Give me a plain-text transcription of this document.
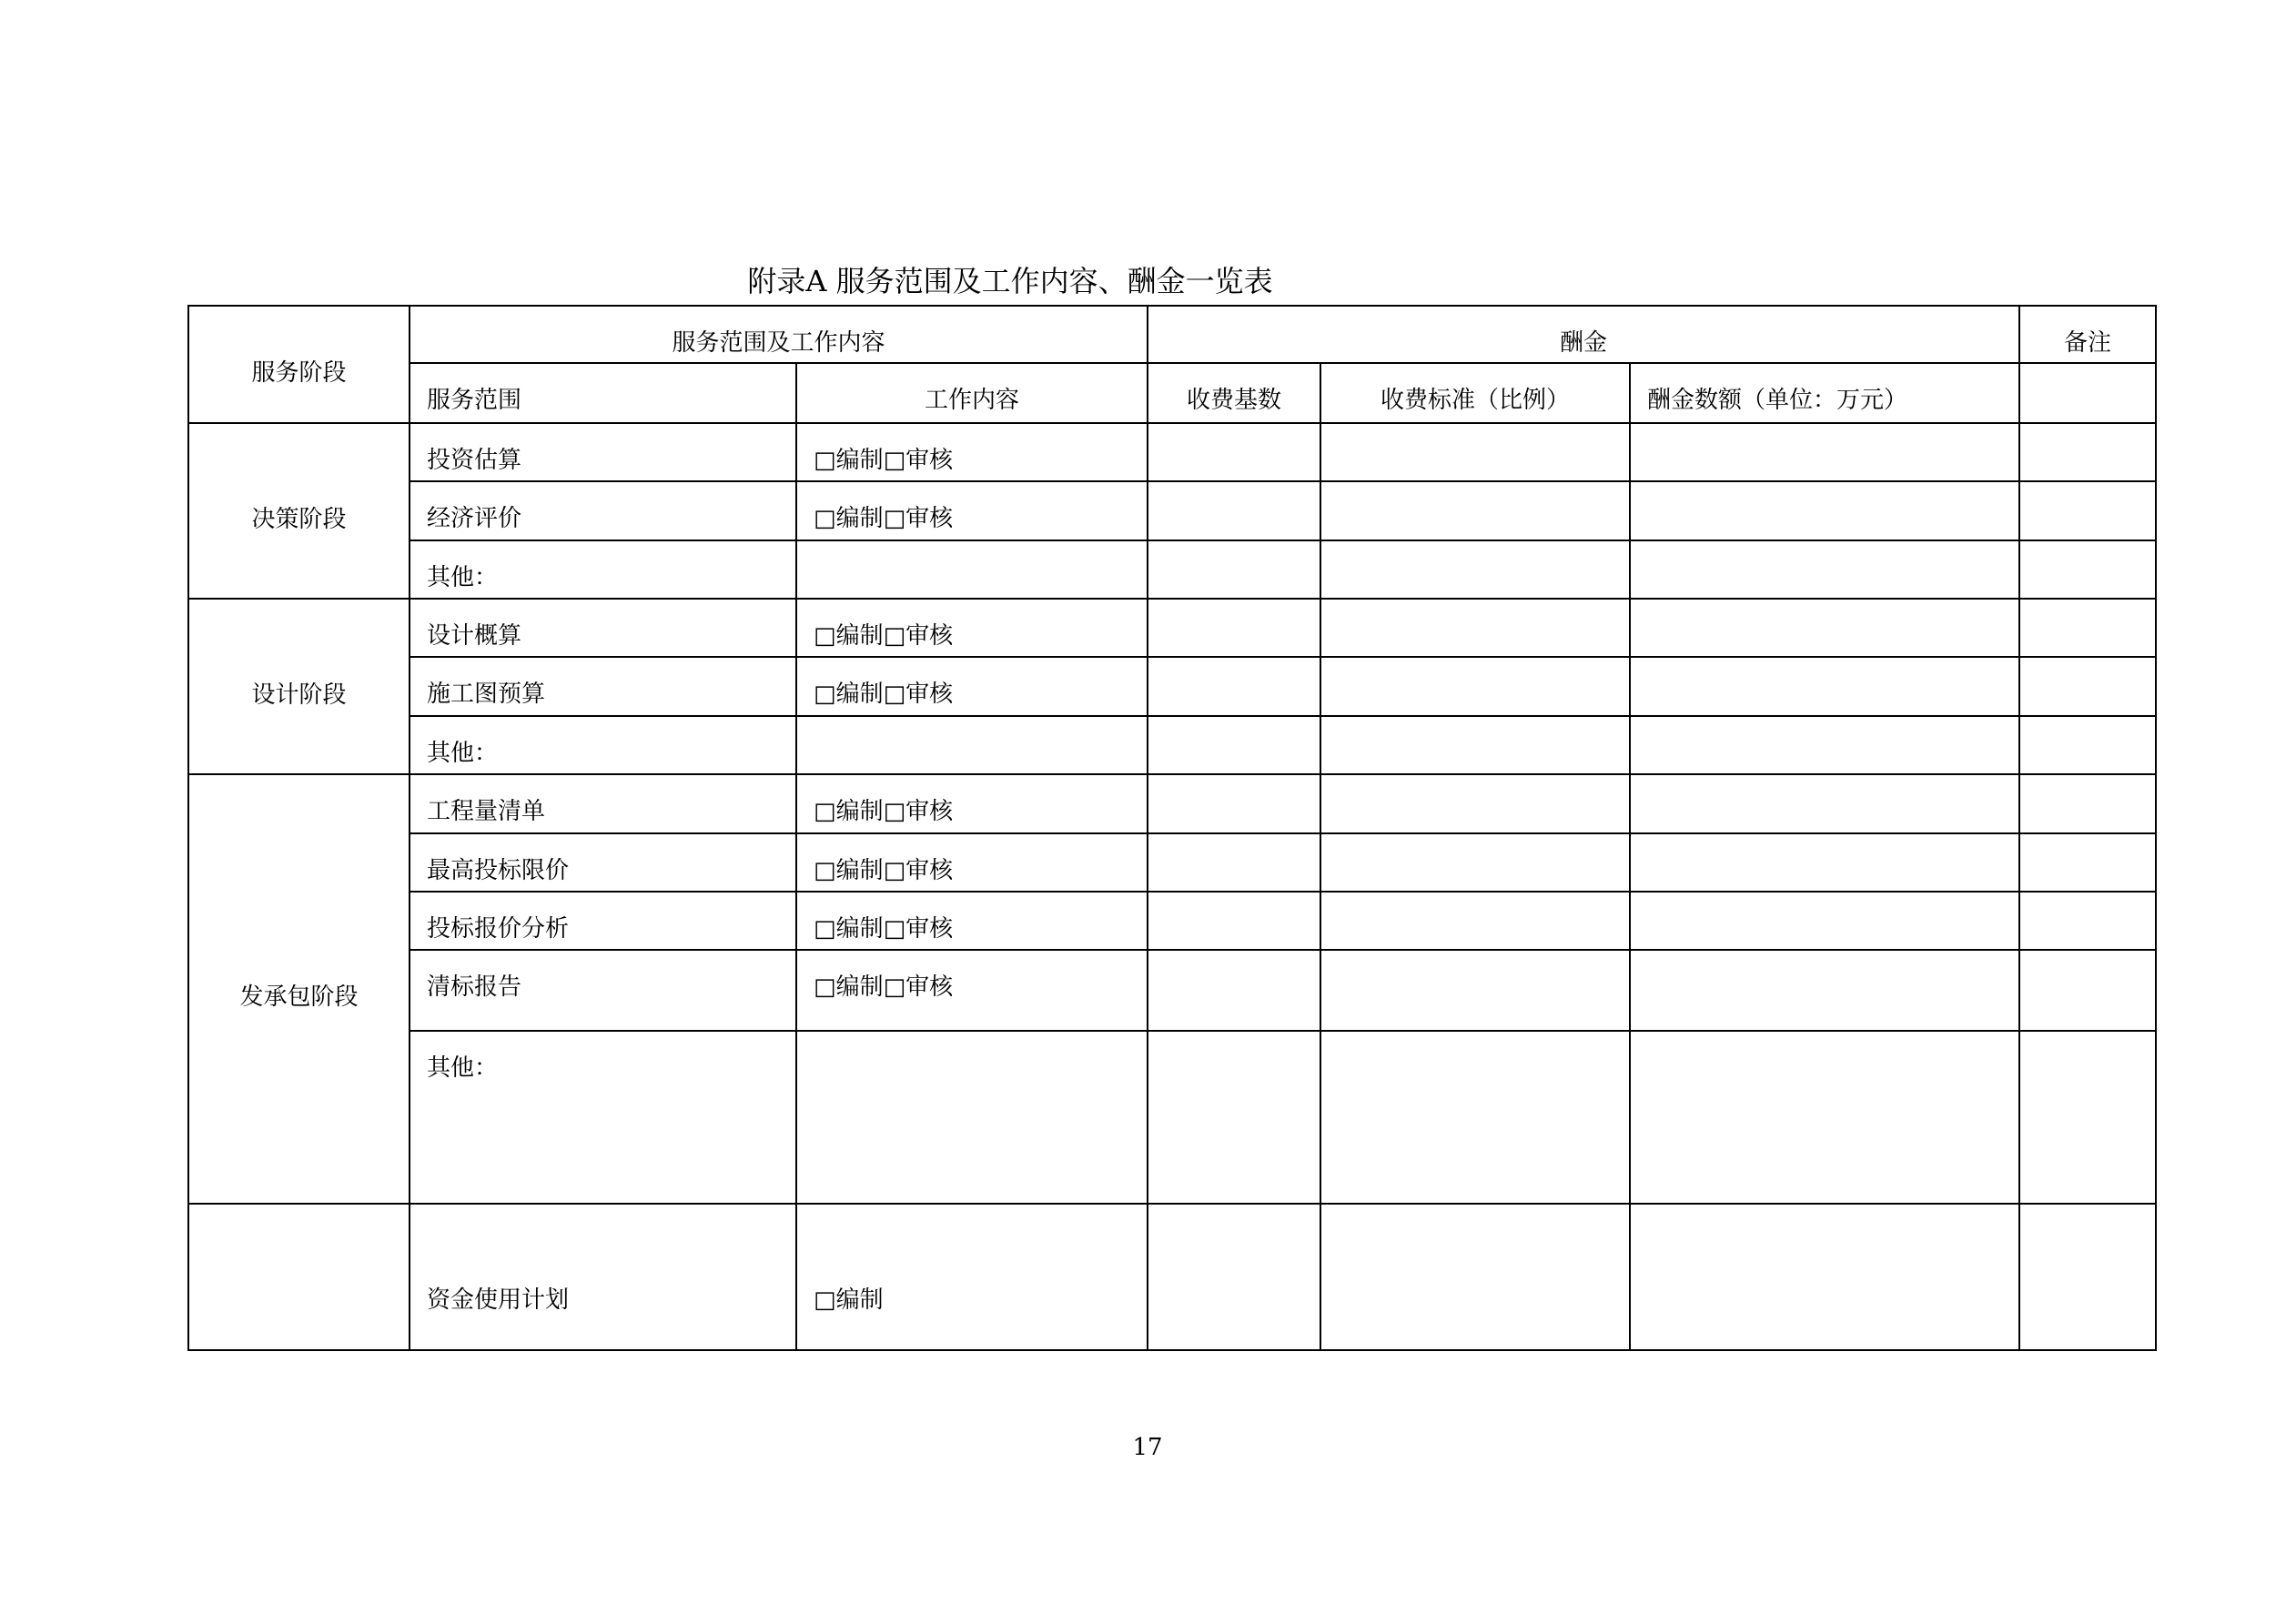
附录A 服务范围及工作内容、酬金一览表
服务阶段	服务范围及工作内容		酬金			备注
	服务范围	工作内容	收费基数	收费标准（比例）	酬金数额（单位：万元）	
决策阶段	投资估算	□编制□审核				
	经济评价	□编制□审核				
	其他：					
设计阶段	设计概算	□编制□审核				
	施工图预算	□编制□审核				
	其他：					
发承包阶段	工程量清单	□编制□审核				
	最高投标限价	□编制□审核				
	投标报价分析	□编制□审核				
	清标报告	□编制□审核				
	其他：					
	资金使用计划	□编制				
17
